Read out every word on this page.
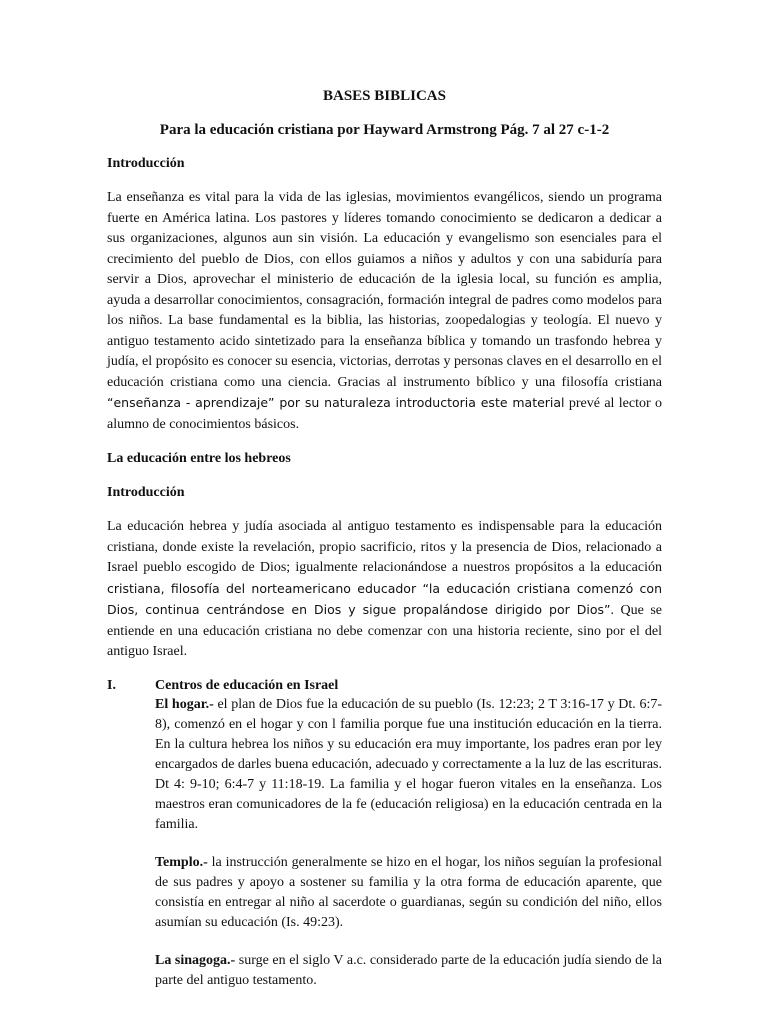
BASES BIBLICAS
Para la educación cristiana por Hayward Armstrong Pág. 7 al 27 c-1-2
Introducción

La enseñanza es vital para la vida de las iglesias, movimientos evangélicos, siendo un programa fuerte en América latina. Los pastores y líderes tomando conocimiento se dedicaron a dedicar a sus organizaciones, algunos aun sin visión. La educación y evangelismo son esenciales para el crecimiento del pueblo de Dios, con ellos guiamos a niños y adultos y con una sabiduría para servir a Dios, aprovechar el ministerio de educación de la iglesia local, su función es amplia, ayuda a desarrollar conocimientos, consagración, formación integral de padres como modelos para los niños. La base fundamental es la biblia, las historias, zoopedalogias y teología. El nuevo y antiguo testamento acido sintetizado para la enseñanza bíblica y tomando un trasfondo hebrea y judía, el propósito es conocer su esencia, victorias, derrotas y personas claves en el desarrollo en el educación cristiana como una ciencia. Gracias al instrumento bíblico y una filosofía cristiana “enseñanza - aprendizaje” por su naturaleza introductoria este material prevé al lector o alumno de conocimientos básicos.

La educación entre los hebreos
Introducción

La educación hebrea y judía asociada al antiguo testamento es indispensable para la educación cristiana, donde existe la revelación, propio sacrificio, ritos y la presencia de Dios, relacionado a Israel pueblo escogido de Dios; igualmente relacionándose a nuestros propósitos a la educación cristiana, filosofía del norteamericano educador “la educación cristiana comenzó con Dios, continua centrándose en Dios y sigue propalándose dirigido por Dios”. Que se entiende en una educación cristiana no debe comenzar con una historia reciente, sino por el del antiguo Israel.

I.	Centros de educación en Israel

El hogar.- el plan de Dios fue la educación de su pueblo (Is. 12:23; 2 T 3:16-17 y Dt. 6:7-8), comenzó en el hogar y con l familia porque fue una institución educación en la tierra. En la cultura hebrea los niños y su educación era muy importante, los padres eran por ley encargados de darles buena educación, adecuado y correctamente a la luz de las escrituras. Dt 4: 9-10; 6:4-7 y 11:18-19. La familia y el hogar fueron vitales en la enseñanza. Los maestros eran comunicadores de la fe (educación religiosa) en la educación centrada en la familia.

Templo.- la instrucción generalmente se hizo en el hogar, los niños seguían la profesional de sus padres y apoyo a sostener su familia y la otra forma de educación aparente, que consistía en entregar al niño al sacerdote o guardianas, según su condición del niño, ellos asumían su educación (Is. 49:23).

La sinagoga.- surge en el siglo V a.c. considerado parte de la educación judía siendo de la parte del antiguo testamento.
